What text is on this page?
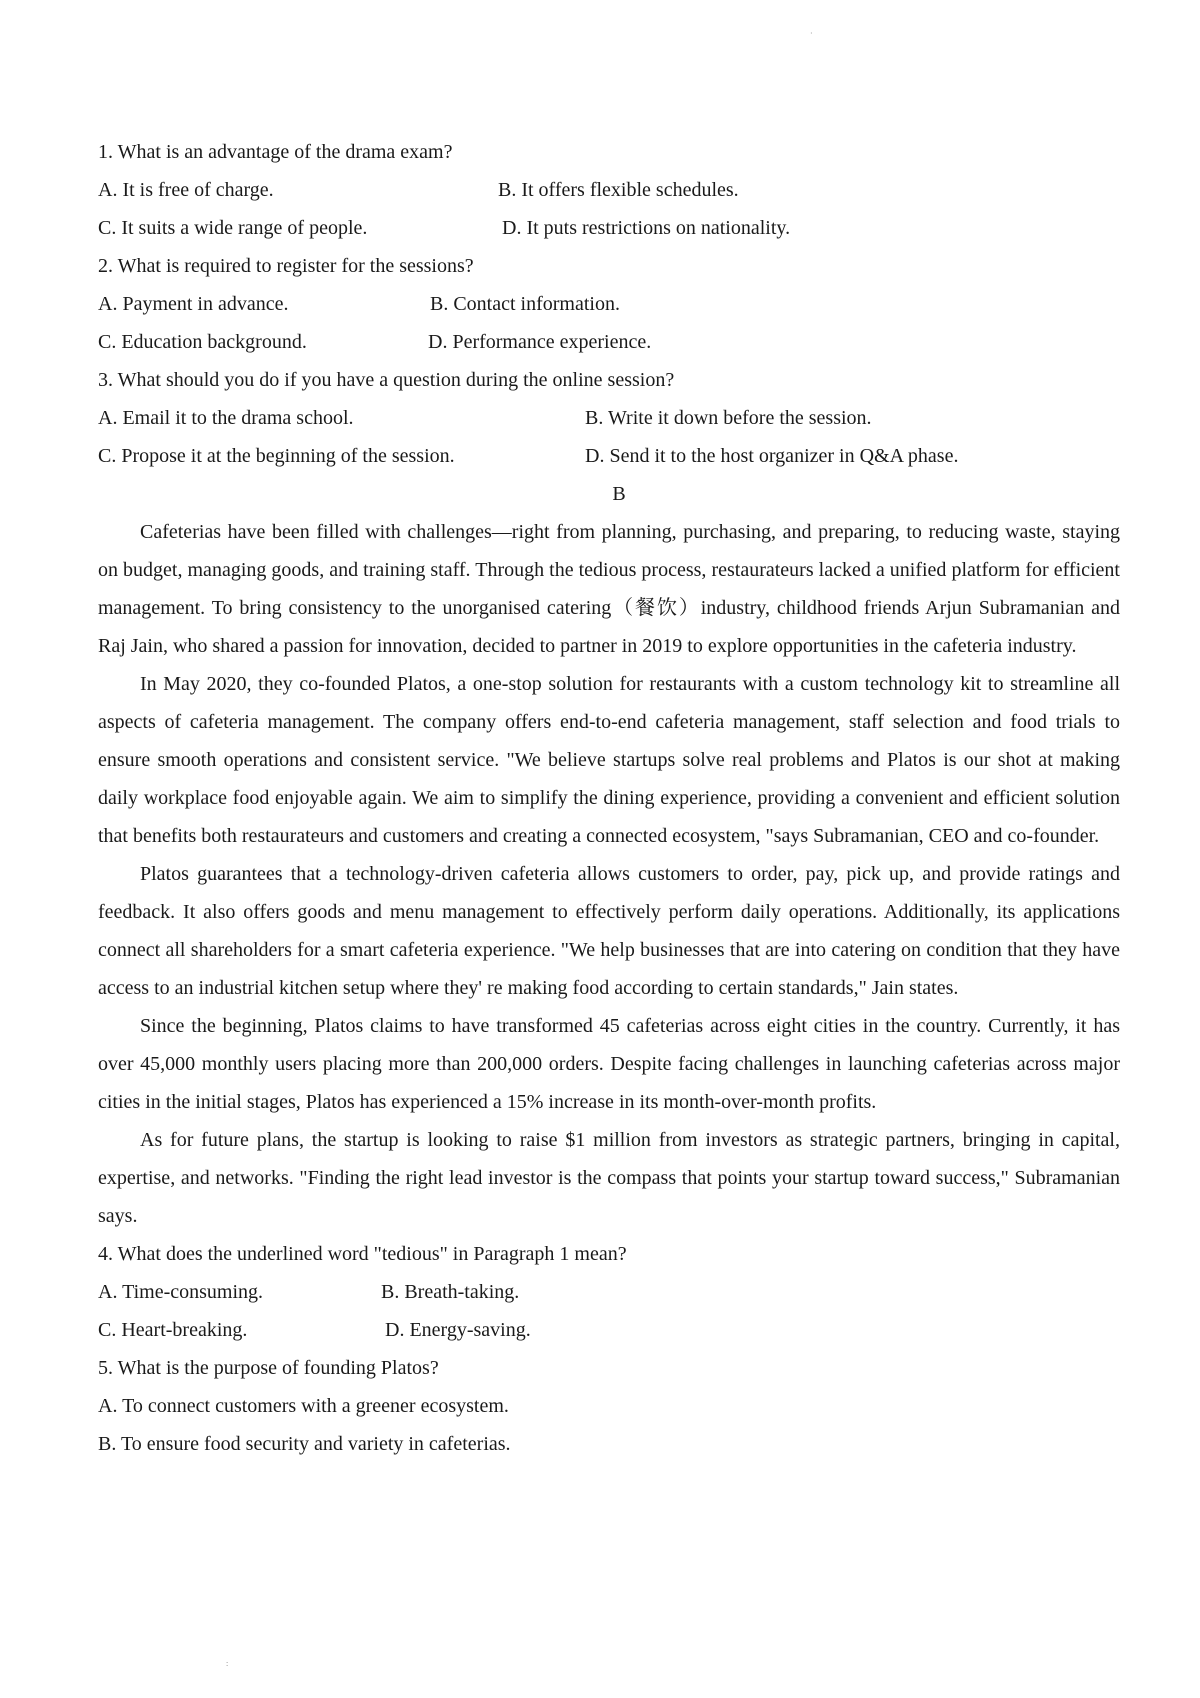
·
1. What is an advantage of the drama exam?
A. It is free of charge.	B. It offers flexible schedules.
C. It suits a wide range of people.	D. It puts restrictions on nationality.
2. What is required to register for the sessions?
A. Payment in advance.	B. Contact information.
C. Education background.	D. Performance experience.
3. What should you do if you have a question during the online session?
A. Email it to the drama school.	B. Write it down before the session.
C. Propose it at the beginning of the session.	D. Send it to the host organizer in Q&A phase.
B

Cafeterias have been filled with challenges—right from planning, purchasing, and preparing, to reducing waste, staying on budget, managing goods, and training staff. Through the tedious process, restaurateurs lacked a unified platform for efficient management. To bring consistency to the unorganised catering（餐饮）industry, childhood friends Arjun Subramanian and Raj Jain, who shared a passion for innovation, decided to partner in 2019 to explore opportunities in the cafeteria industry.

In May 2020, they co-founded Platos, a one-stop solution for restaurants with a custom technology kit to streamline all aspects of cafeteria management. The company offers end-to-end cafeteria management, staff selection and food trials to ensure smooth operations and consistent service. "We believe startups solve real problems and Platos is our shot at making daily workplace food enjoyable again. We aim to simplify the dining experience, providing a convenient and efficient solution that benefits both restaurateurs and customers and creating a connected ecosystem, "says Subramanian, CEO and co-founder.

Platos guarantees that a technology-driven cafeteria allows customers to order, pay, pick up, and provide ratings and feedback. It also offers goods and menu management to effectively perform daily operations. Additionally, its applications connect all shareholders for a smart cafeteria experience. "We help businesses that are into catering on condition that they have access to an industrial kitchen setup where they' re making food according to certain standards," Jain states.

Since the beginning, Platos claims to have transformed 45 cafeterias across eight cities in the country. Currently, it has over 45,000 monthly users placing more than 200,000 orders. Despite facing challenges in launching cafeterias across major cities in the initial stages, Platos has experienced a 15% increase in its month-over-month profits.

As for future plans, the startup is looking to raise $1 million from investors as strategic partners, bringing in capital, expertise, and networks. "Finding the right lead investor is the compass that points your startup toward success," Subramanian says.

4. What does the underlined word "tedious" in Paragraph 1 mean?
A. Time-consuming.	B. Breath-taking.
C. Heart-breaking.	D. Energy-saving.
5. What is the purpose of founding Platos?
A. To connect customers with a greener ecosystem.
B. To ensure food security and variety in cafeterias.
:
